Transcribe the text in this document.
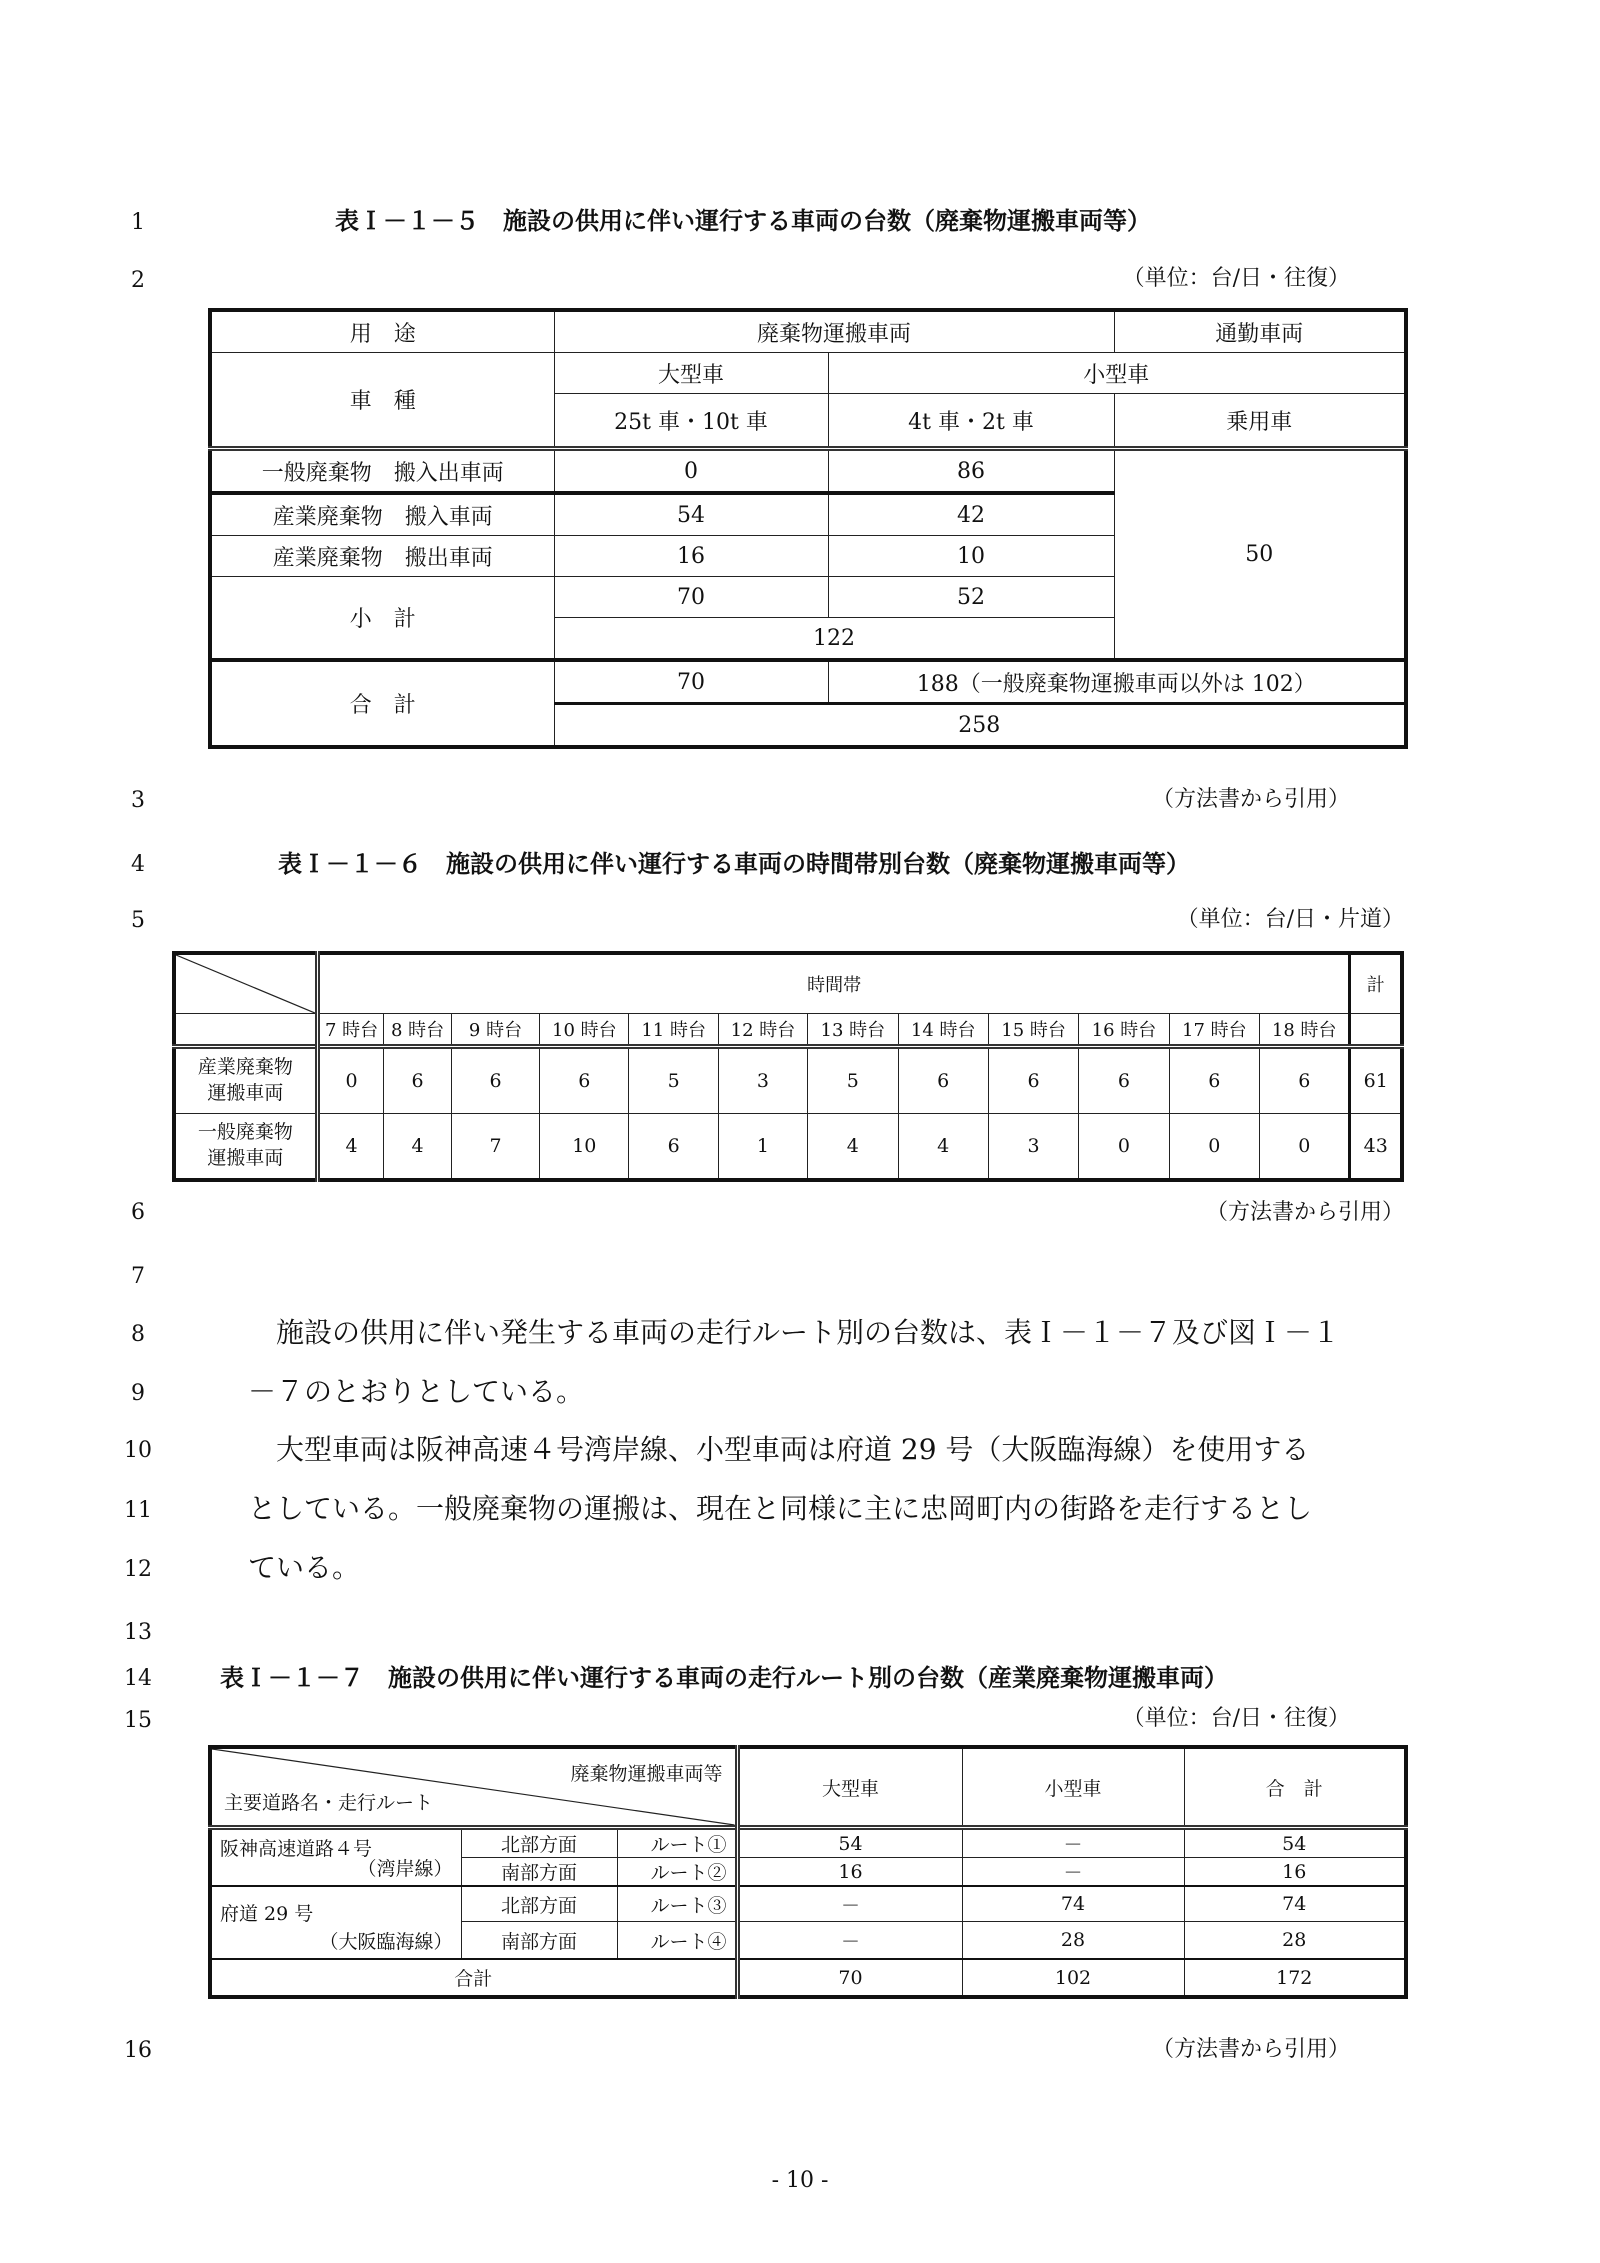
1
2
3
4
5
6
7
8
9
10
11
12
13
14
15
16
表Ｉ－１－５　施設の供用に伴い運行する車両の台数（廃棄物運搬車両等）
（単位：台/日・往復）
用　途	廃棄物運搬車両		通勤車両
車　種	大型車	小型車	
	25t 車・10t 車	4t 車・2t 車	乗用車
一般廃棄物　搬入出車両	0	86	50
産業廃棄物　搬入車両	54	42	
産業廃棄物　搬出車両	16	10	
小　計	70	52	
	122		
合　計	70	188（一般廃棄物運搬車両以外は 102）	
	258		
（方法書から引用）
表Ｉ－１－６　施設の供用に伴い運行する車両の時間帯別台数（廃棄物運搬車両等）
（単位：台/日・片道）
	時間帯												計
	7 時台	8 時台	9 時台	10 時台	11 時台	12 時台	13 時台	14 時台	15 時台	16 時台	17 時台	18 時台	
産業廃棄物
運搬車両	0	6	6	6	5	3	5	6	6	6	6	6	61
一般廃棄物
運搬車両	4	4	7	10	6	1	4	4	3	0	0	0	43
（方法書から引用）
　施設の供用に伴い発生する車両の走行ルート別の台数は、表Ｉ－１－７及び図Ｉ－１
－７のとおりとしている。
　大型車両は阪神高速４号湾岸線、小型車両は府道 29 号（大阪臨海線）を使用する
としている。一般廃棄物の運搬は、現在と同様に主に忠岡町内の街路を走行するとし
ている。
表Ｉ－１－７　施設の供用に伴い運行する車両の走行ルート別の台数（産業廃棄物運搬車両）
（単位：台/日・往復）
廃棄物運搬車両等
主要道路名・走行ルート			大型車	小型車	合　計

阪神高速道路４号
（湾岸線）	北部方面	ルート①	54	－	54
	南部方面	ルート②	16	－	16

府道 29 号
（大阪臨海線）	北部方面	ルート③	－	74	74
	南部方面	ルート④	－	28	28
合計			70	102	172
（方法書から引用）
- 10 -
